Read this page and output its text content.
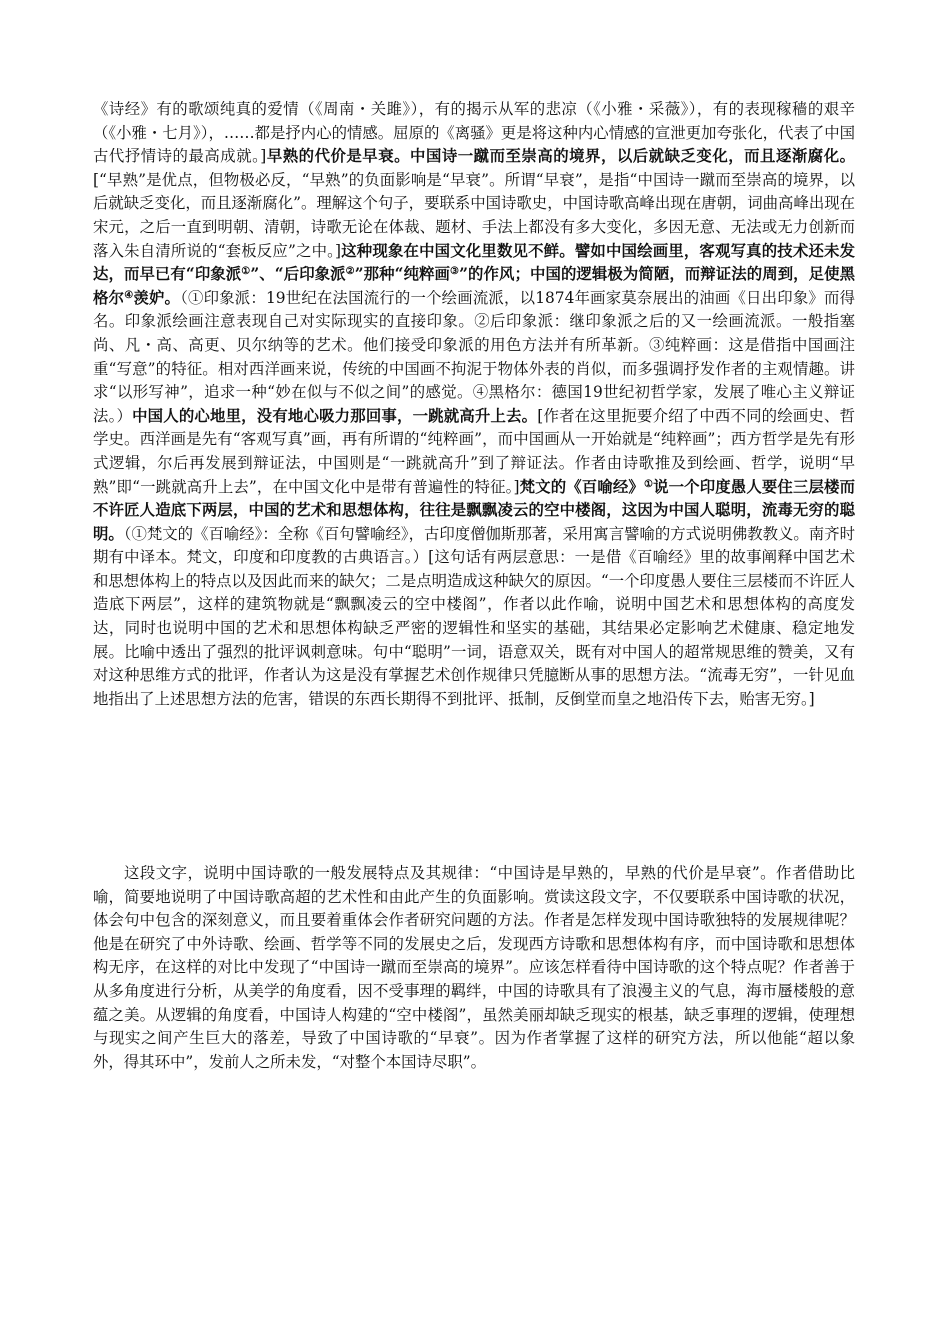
《诗经》有的歌颂纯真的爱情（《周南・关雎》），有的揭示从军的悲凉（《小雅・采薇》），有的表现稼穑的艰辛（《小雅・七月》），……都是抒内心的情感。屈原的《离骚》更是将这种内心情感的宣泄更加夸张化，代表了中国古代抒情诗的最高成就。]早熟的代价是早衰。中国诗一蹴而至崇高的境界，以后就缺乏变化，而且逐渐腐化。[“早熟”是优点，但物极必反，“早熟”的负面影响是“早衰”。所谓“早衰”，是指“中国诗一蹴而至崇高的境界，以后就缺乏变化，而且逐渐腐化”。理解这个句子，要联系中国诗歌史，中国诗歌高峰出现在唐朝，词曲高峰出现在宋元，之后一直到明朝、清朝，诗歌无论在体裁、题材、手法上都没有多大变化，多因无意、无法或无力创新而落入朱自清所说的“套板反应”之中。]这种现象在中国文化里数见不鲜。譬如中国绘画里，客观写真的技术还未发达，而早已有“印象派①”、“后印象派②”那种“纯粹画③”的作风；中国的逻辑极为简陋，而辩证法的周到，足使黑格尔④羡妒。（①印象派：19世纪在法国流行的一个绘画流派，以1874年画家莫奈展出的油画《日出印象》而得名。印象派绘画注意表现自己对实际现实的直接印象。②后印象派：继印象派之后的又一绘画流派。一般指塞尚、凡・高、高更、贝尔纳等的艺术。他们接受印象派的用色方法并有所革新。③纯粹画：这是借指中国画注重“写意”的特征。相对西洋画来说，传统的中国画不拘泥于物体外表的肖似，而多强调抒发作者的主观情趣。讲求“以形写神”，追求一种“妙在似与不似之间”的感觉。④黑格尔：德国19世纪初哲学家，发展了唯心主义辩证法。）中国人的心地里，没有地心吸力那回事，一跳就高升上去。[作者在这里扼要介绍了中西不同的绘画史、哲学史。西洋画是先有“客观写真”画，再有所谓的“纯粹画”，而中国画从一开始就是“纯粹画”；西方哲学是先有形式逻辑，尔后再发展到辩证法，中国则是“一跳就高升”到了辩证法。作者由诗歌推及到绘画、哲学，说明“早熟”即“一跳就高升上去”，在中国文化中是带有普遍性的特征。]梵文的《百喻经》①说一个印度愚人要住三层楼而不许匠人造底下两层，中国的艺术和思想体构，往往是飘飘凌云的空中楼阁，这因为中国人聪明，流毒无穷的聪明。（①梵文的《百喻经》：全称《百句譬喻经》，古印度僧伽斯那著，采用寓言譬喻的方式说明佛教教义。南齐时期有中译本。梵文，印度和印度教的古典语言。）[这句话有两层意思：一是借《百喻经》里的故事阐释中国艺术和思想体构上的特点以及因此而来的缺欠；二是点明造成这种缺欠的原因。“一个印度愚人要住三层楼而不许匠人造底下两层”，这样的建筑物就是“飘飘凌云的空中楼阁”，作者以此作喻，说明中国艺术和思想体构的高度发达，同时也说明中国的艺术和思想体构缺乏严密的逻辑性和坚实的基础，其结果必定影响艺术健康、稳定地发展。比喻中透出了强烈的批评讽刺意味。句中“聪明”一词，语意双关，既有对中国人的超常规思维的赞美，又有对这种思维方式的批评，作者认为这是没有掌握艺术创作规律只凭臆断从事的思想方法。“流毒无穷”，一针见血地指出了上述思想方法的危害，错误的东西长期得不到批评、抵制，反倒堂而皇之地沿传下去，贻害无穷。]

这段文字，说明中国诗歌的一般发展特点及其规律：“中国诗是早熟的，早熟的代价是早衰”。作者借助比喻，简要地说明了中国诗歌高超的艺术性和由此产生的负面影响。赏读这段文字，不仅要联系中国诗歌的状况，体会句中包含的深刻意义，而且要着重体会作者研究问题的方法。作者是怎样发现中国诗歌独特的发展规律呢？他是在研究了中外诗歌、绘画、哲学等不同的发展史之后，发现西方诗歌和思想体构有序，而中国诗歌和思想体构无序，在这样的对比中发现了“中国诗一蹴而至崇高的境界”。应该怎样看待中国诗歌的这个特点呢？作者善于从多角度进行分析，从美学的角度看，因不受事理的羁绊，中国的诗歌具有了浪漫主义的气息，海市蜃楼般的意蕴之美。从逻辑的角度看，中国诗人构建的“空中楼阁”，虽然美丽却缺乏现实的根基，缺乏事理的逻辑，使理想与现实之间产生巨大的落差，导致了中国诗歌的“早衰”。因为作者掌握了这样的研究方法，所以他能“超以象外，得其环中”，发前人之所未发，“对整个本国诗尽职”。
